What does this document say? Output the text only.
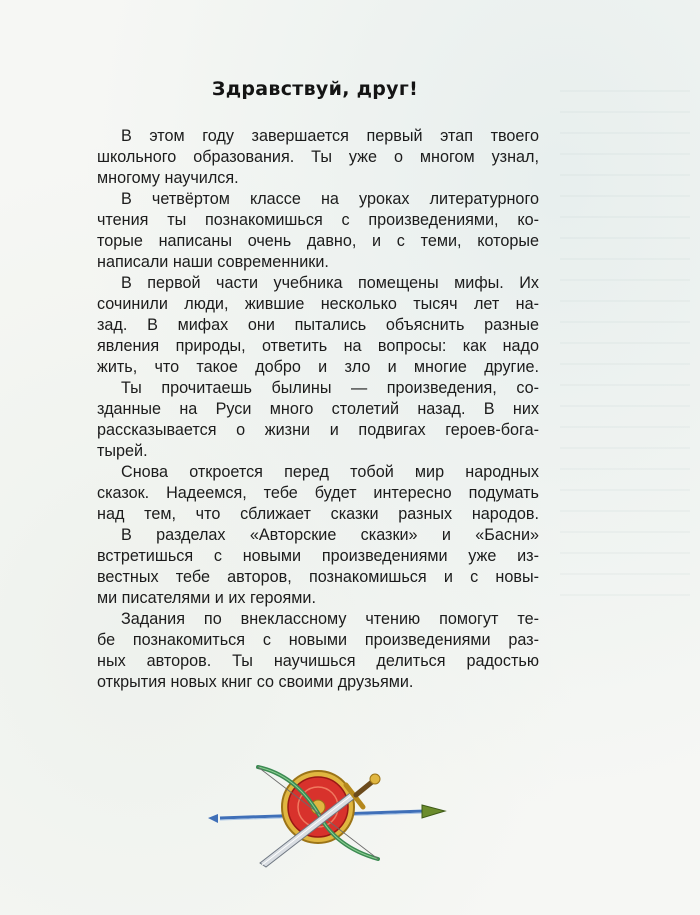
Здравствуй, друг!
В этом году завершается первый этап твоего
школьного образования. Ты уже о многом узнал,
многому научился.
В четвёртом классе на уроках литературного
чтения ты познакомишься с произведениями, ко-
торые написаны очень давно, и с теми, которые
написали наши современники.
В первой части учебника помещены мифы. Их
сочинили люди, жившие несколько тысяч лет на-
зад. В мифах они пытались объяснить разные
явления природы, ответить на вопросы: как надо
жить, что такое добро и зло и многие другие.
Ты прочитаешь былины — произведения, со-
зданные на Руси много столетий назад. В них
рассказывается о жизни и подвигах героев-бога-
тырей.
Снова откроется перед тобой мир народных
сказок. Надеемся, тебе будет интересно подумать
над тем, что сближает сказки разных народов.
В разделах «Авторские сказки» и «Басни»
встретишься с новыми произведениями уже из-
вестных тебе авторов, познакомишься и с новы-
ми писателями и их героями.
Задания по внеклассному чтению помогут те-
бе познакомиться с новыми произведениями раз-
ных авторов. Ты научишься делиться радостью
открытия новых книг со своими друзьями.
